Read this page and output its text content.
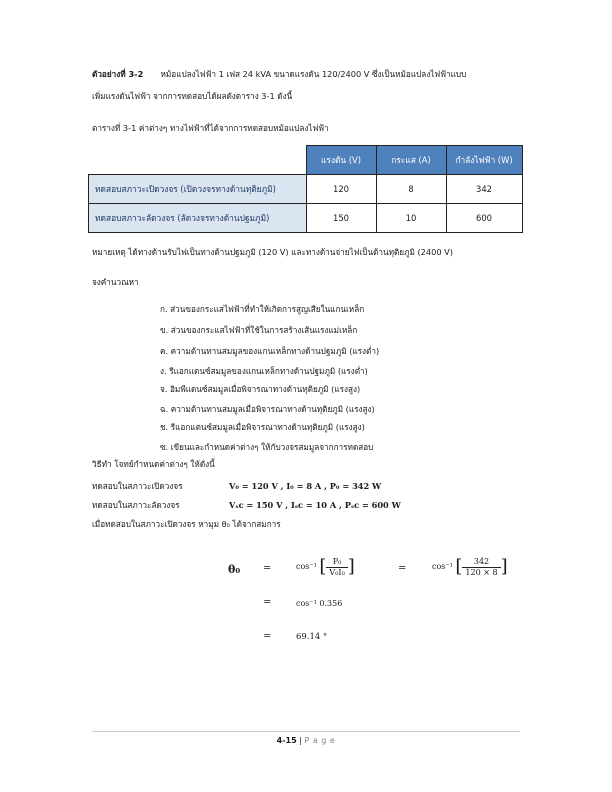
ตัวอย่างที่ 3-2 หม้อแปลงไฟฟ้า 1 เฟส 24 kVA ขนาดแรงดัน 120/2400 V ซึ่งเป็นหม้อแปลงไฟฟ้าแบบ
เพิ่มแรงดันไฟฟ้า จากการทดสอบได้ผลดังตาราง 3-1 ดังนี้
ตารางที่ 3-1 ค่าต่างๆ ทางไฟฟ้าที่ได้จากการทดสอบหม้อแปลงไฟฟ้า
	แรงดัน (V)	กระแส (A)	กำลังไฟฟ้า (W)
ทดสอบสภาวะเปิดวงจร (เปิดวงจรทางด้านทุติยภูมิ)	120	8	342
ทดสอบสภาวะลัดวงจร (ลัดวงจรทางด้านปฐมภูมิ)	150	10	600
หมายเหตุ ได้ทางด้านรับไฟเป็นทางด้านปฐมภูมิ (120 V) และทางด้านจ่ายไฟเป็นด้านทุติยภูมิ (2400 V)
จงคำนวณหา
ก. ส่วนของกระแสไฟฟ้าที่ทำให้เกิดการสูญเสียในแกนเหล็ก
ข. ส่วนของกระแสไฟฟ้าที่ใช้ในการสร้างเส้นแรงแม่เหล็ก
ค. ความต้านทานสมมูลของแกนเหล็กทางด้านปฐมภูมิ (แรงต่ำ)
ง. รีแอกแตนซ์สมมูลของแกนเหล็กทางด้านปฐมภูมิ (แรงต่ำ)
จ. อิมพีแดนซ์สมมูลเมื่อพิจารณาทางด้านทุติยภูมิ (แรงสูง)
ฉ. ความต้านทานสมมูลเมื่อพิจารณาทางด้านทุติยภูมิ (แรงสูง)
ช. รีแอกแตนซ์สมมูลเมื่อพิจารณาทางด้านทุติยภูมิ (แรงสูง)
ซ. เขียนและกำหนดค่าต่างๆ ให้กับวงจรสมมูลจากการทดสอบ
วิธีทำ โจทย์กำหนดค่าต่างๆ ให้ดังนี้
ทดสอบในสภาวะเปิดวงจร	V₀ = 120 V , I₀ = 8 A , P₀ = 342 W
ทดสอบในสภาวะลัดวงจร	Vₛᴄ = 150 V , Iₛᴄ = 10 A , Pₛᴄ = 600 W
เมื่อทดสอบในสภาวะเปิดวงจร หามุม θ₀ ได้จากสมการ
θ₀ =	cos⁻¹ [ $\frac{\text{P₀}}{\text{V₀I₀}}$ ]	=	cos⁻¹ [ $\frac{342}{120 \times 8}$ ]
=	cos⁻¹ 0.356
=	69.14 °
4-15 | P a g e
